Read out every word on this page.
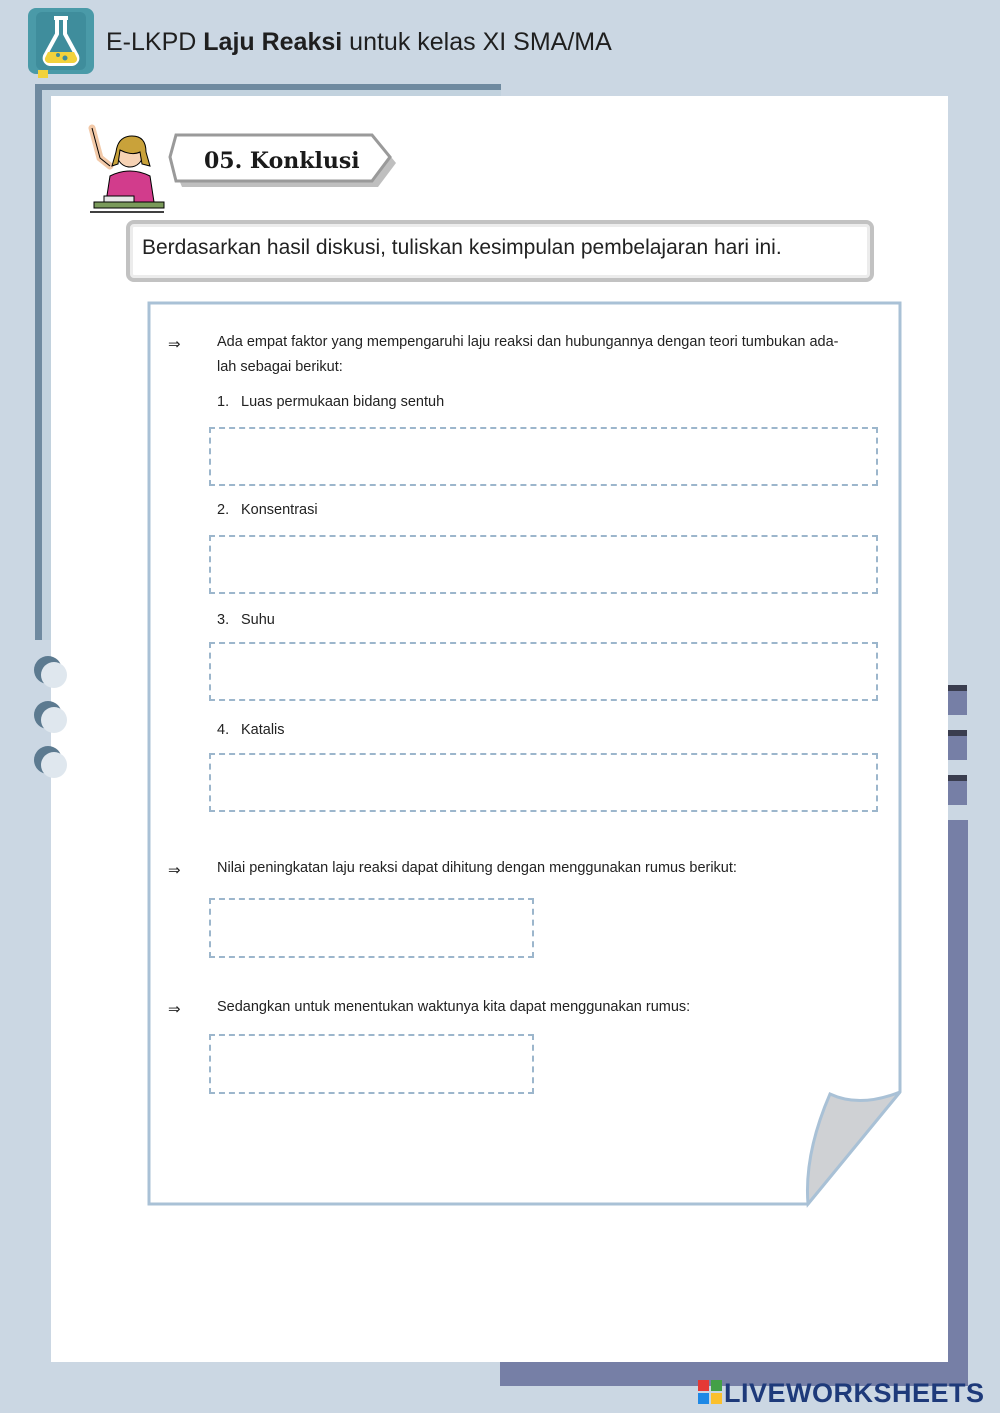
E-LKPD Laju Reaksi untuk kelas XI SMA/MA
05. Konklusi
Berdasarkan hasil diskusi, tuliskan kesimpulan pembelajaran hari ini.
⇒	Ada empat faktor yang mempengaruhi laju reaksi dan hubungannya dengan teori tumbukan ada-
lah sebagai berikut:
1. Luas permukaan bidang sentuh
2. Konsentrasi
3. Suhu
4. Katalis
⇒	Nilai peningkatan laju reaksi dapat dihitung dengan menggunakan rumus berikut:
⇒	Sedangkan untuk menentukan waktunya kita dapat menggunakan rumus:
LIVEWORKSHEETS
